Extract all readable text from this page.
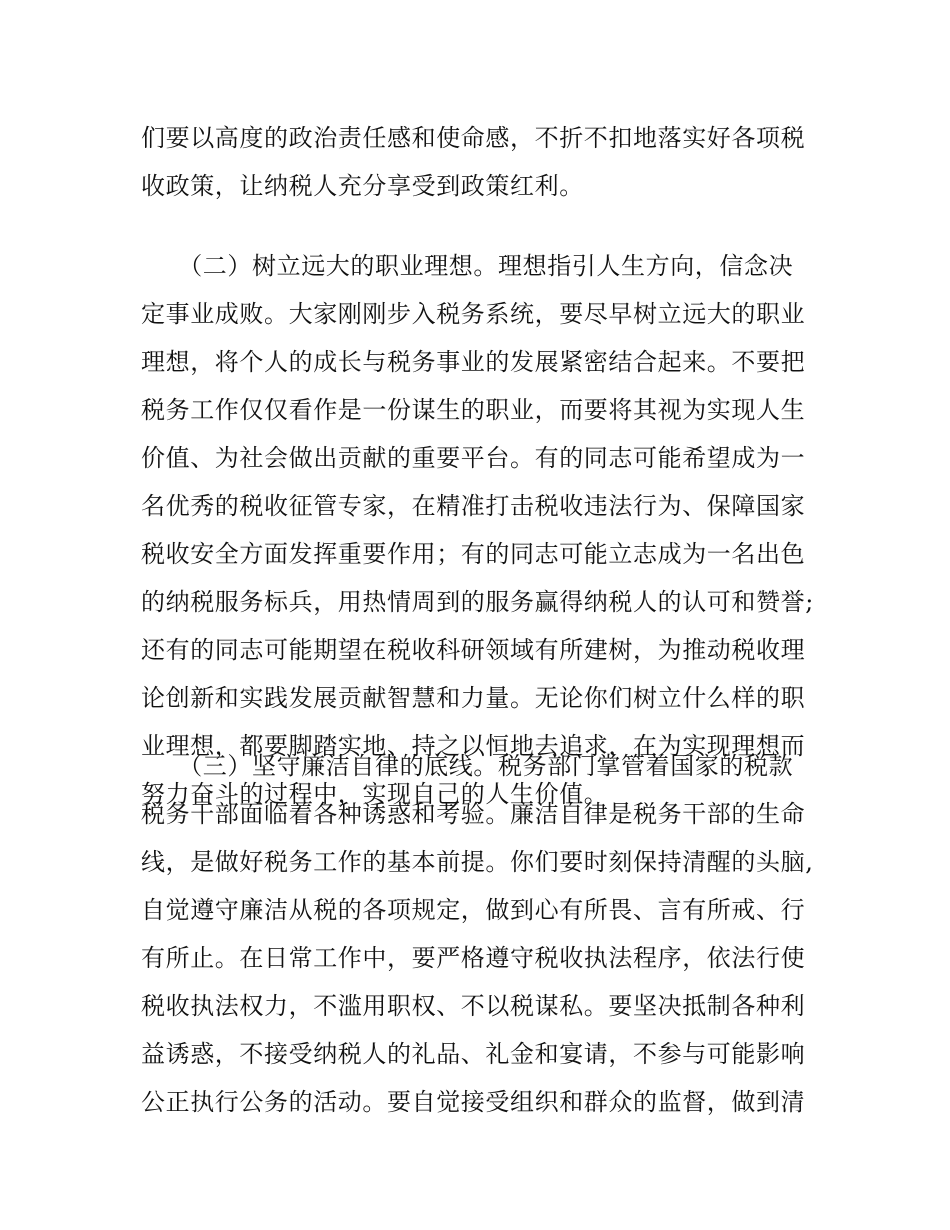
们要以高度的政治责任感和使命感，不折不扣地落实好各项税
收政策，让纳税人充分享受到政策红利。
　　（二）树立远大的职业理想。理想指引人生方向，信念决
定事业成败。大家刚刚步入税务系统，要尽早树立远大的职业
理想，将个人的成长与税务事业的发展紧密结合起来。不要把
税务工作仅仅看作是一份谋生的职业，而要将其视为实现人生
价值、为社会做出贡献的重要平台。有的同志可能希望成为一
名优秀的税收征管专家，在精准打击税收违法行为、保障国家
税收安全方面发挥重要作用；有的同志可能立志成为一名出色
的纳税服务标兵，用热情周到的服务赢得纳税人的认可和赞誉;
还有的同志可能期望在税收科研领域有所建树，为推动税收理
论创新和实践发展贡献智慧和力量。无论你们树立什么样的职
业理想，都要脚踏实地、持之以恒地去追求，在为实现理想而
努力奋斗的过程中，实现自己的人生价值。
　　（三）坚守廉洁自律的底线。税务部门掌管着国家的税款
税务干部面临着各种诱惑和考验。廉洁自律是税务干部的生命
线，是做好税务工作的基本前提。你们要时刻保持清醒的头脑,
自觉遵守廉洁从税的各项规定，做到心有所畏、言有所戒、行
有所止。在日常工作中，要严格遵守税收执法程序，依法行使
税收执法权力，不滥用职权、不以税谋私。要坚决抵制各种利
益诱惑，不接受纳税人的礼品、礼金和宴请，不参与可能影响
公正执行公务的活动。要自觉接受组织和群众的监督，做到清
